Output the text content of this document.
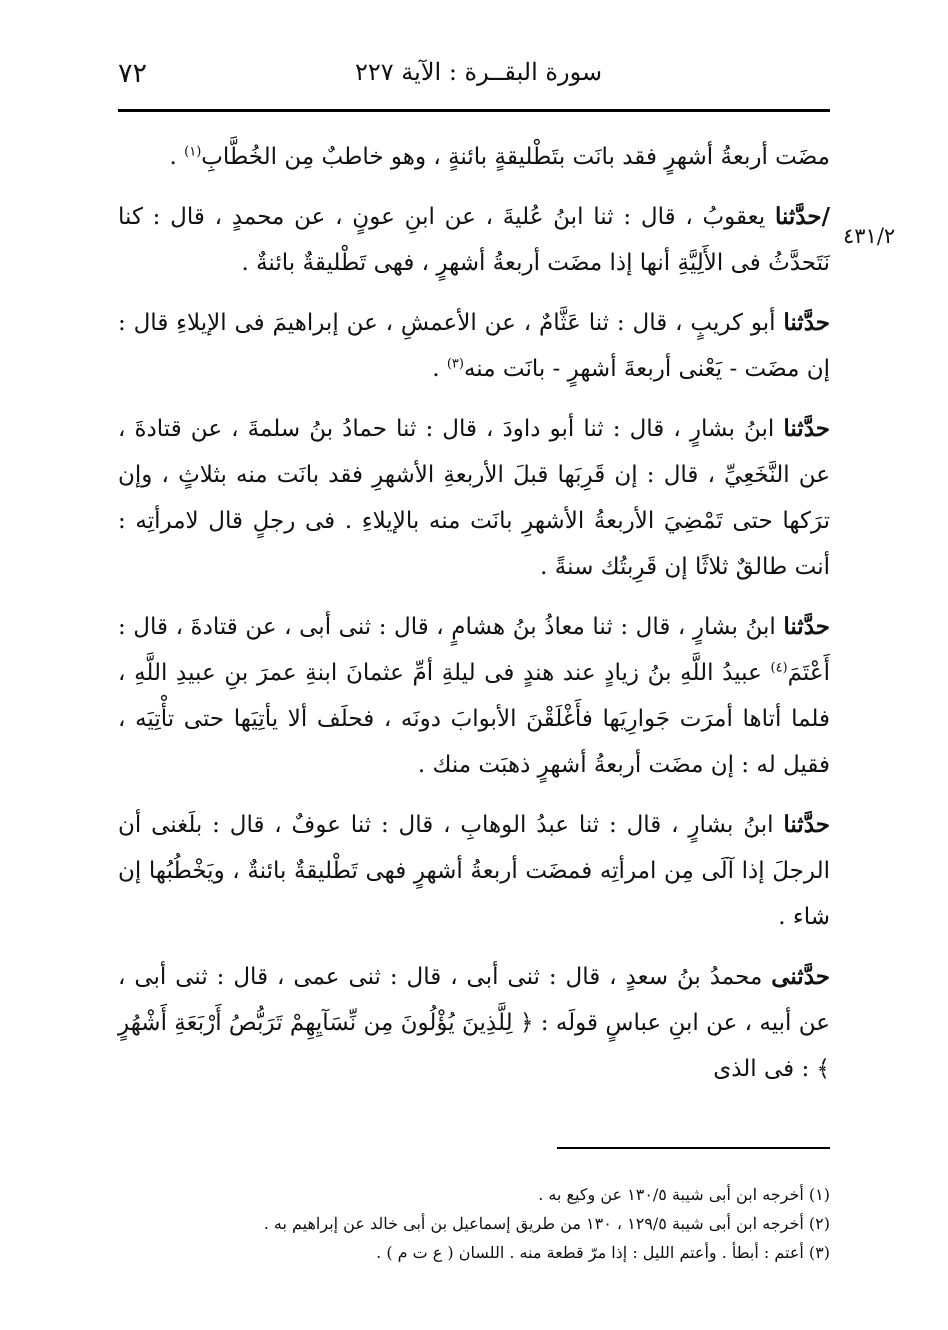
٧٢	سورة البقــرة : الآية ٢٢٧
٤٣١/٢

مضَت أربعةُ أشهرٍ فقد بانَت بتَطْليقةٍ بائنةٍ ، وهو خاطبٌ مِن الخُطَّابِ$^{(١)}$ .

/حدَّثنا يعقوبُ ، قال : ثنا ابنُ عُليةَ ، عن ابنِ عونٍ ، عن محمدٍ ، قال : كنا نَتَحدَّثُ فى الأَلِيَّةِ أنها إذا مضَت أربعةُ أشهرٍ ، فهى تَطْليقةٌ بائنةٌ .

حدَّثنا أبو كريبٍ ، قال : ثنا عَثَّامٌ ، عن الأعمشِ ، عن إبراهيمَ فى الإيلاءِ قال : إن مضَت - يَعْنى أربعةَ أشهرٍ - بانَت منه$^{(٣)}$ .

حدَّثنا ابنُ بشارٍ ، قال : ثنا أبو داودَ ، قال : ثنا حمادُ بنُ سلمةَ ، عن قتادةَ ، عن النَّخَعِيِّ ، قال : إن قَرِبَها قبلَ الأربعةِ الأشهرِ فقد بانَت منه بثلاثٍ ، وإن ترَكها حتى تَمْضِيَ الأربعةُ الأشهرِ بانَت منه بالإيلاءِ . فى رجلٍ قال لامرأتِه : أنت طالقٌ ثلاثًا إن قَرِبتُك سنةً .

حدَّثنا ابنُ بشارٍ ، قال : ثنا معاذُ بنُ هشامٍ ، قال : ثنى أبى ، عن قتادةَ ، قال : أَعْتَمَ$^{(٤)}$ عبيدُ اللَّهِ بنُ زيادٍ عند هندٍ فى ليلةِ أمِّ عثمانَ ابنةِ عمرَ بنِ عبيدِ اللَّهِ ، فلما أتاها أمرَت جَوارِيَها فأَغْلَقْنَ الأبوابَ دونَه ، فحلَف ألا يأتِيَها حتى تأْتِيَه ، فقيل له : إن مضَت أربعةُ أشهرٍ ذهبَت منك .

حدَّثنا ابنُ بشارٍ ، قال : ثنا عبدُ الوهابِ ، قال : ثنا عوفٌ ، قال : بلَغنى أن الرجلَ إذا آلَى مِن امرأتِه فمضَت أربعةُ أشهرٍ فهى تَطْليقةٌ بائنةٌ ، ويَخْطُبُها إن شاء .

حدَّثنى محمدُ بنُ سعدٍ ، قال : ثنى أبى ، قال : ثنى عمى ، قال : ثنى أبى ، عن أبيه ، عن ابنِ عباسٍ قولَه : ﴿ لِلَّذِينَ يُؤْلُونَ مِن نِّسَآيِهِمْ تَرَبُّصُ أَرْبَعَةِ أَشْهُرٍ ﴾ : فى الذى

(١) أخرجه ابن أبى شيبة ١٣٠/٥ عن وكيع به .

(٢) أخرجه ابن أبى شيبة ١٢٩/٥ ، ١٣٠ من طريق إسماعيل بن أبى خالد عن إبراهيم به .

(٣) أعتم : أبطأ . وأعتم الليل : إذا مرّ قطعة منه . اللسان ( ع ت م ) .
